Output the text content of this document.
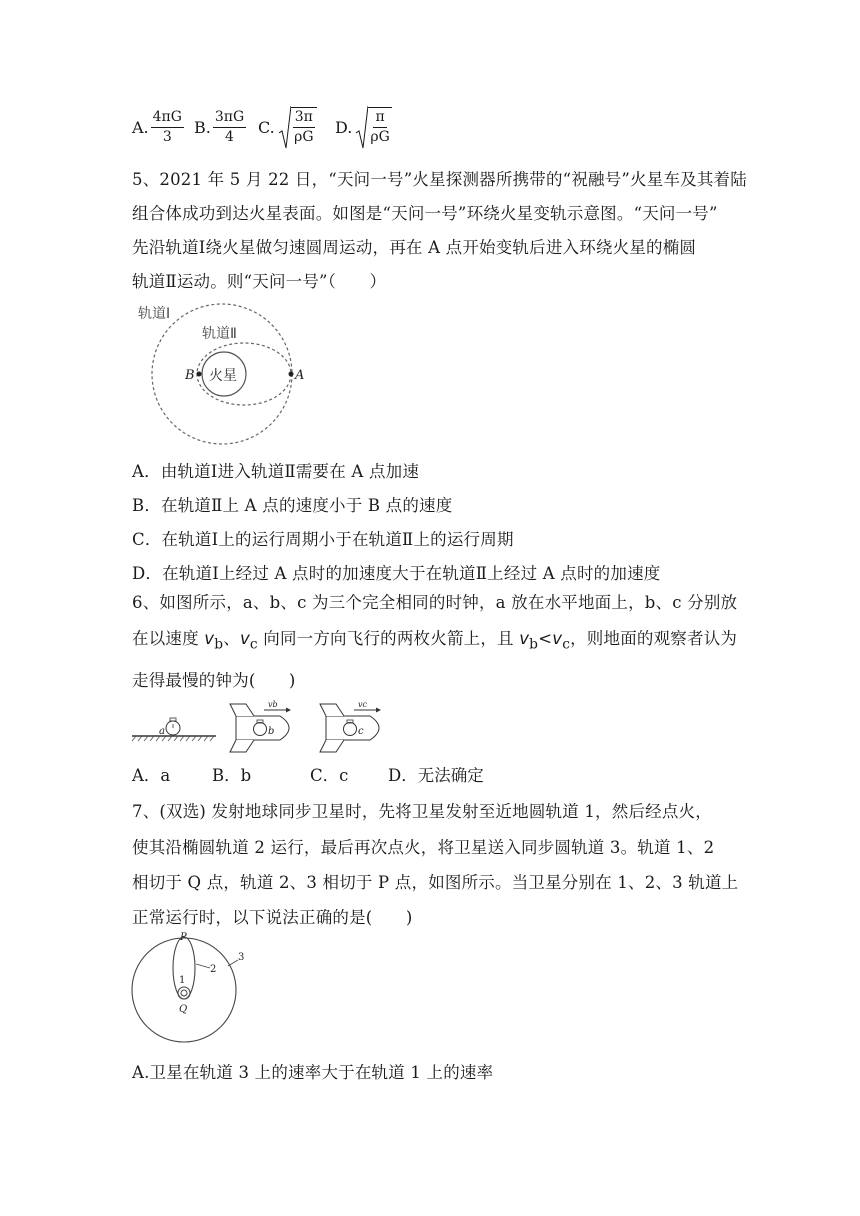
A. $\frac{4\pi G}{3} B$. $\frac{3\pi G}{4} C$. $\frac{3\pi}{\rho G} D$. $\frac{\pi}{\rho G}$
5、2021 年 5 月 22 日，“天问一号”火星探测器所携带的“祝融号”火星车及其着陆
组合体成功到达火星表面。如图是“天问一号”环绕火星变轨示意图。“天问一号”
先沿轨道Ⅰ绕火星做匀速圆周运动，再在 A 点开始变轨后进入环绕火星的椭圆
轨道Ⅱ运动。则“天问一号”（　　）
轨道Ⅰ
轨道Ⅱ
火星
B	A
A．由轨道Ⅰ进入轨道Ⅱ需要在 A 点加速
B．在轨道Ⅱ上 A 点的速度小于 B 点的速度
C．在轨道Ⅰ上的运行周期小于在轨道Ⅱ上的运行周期
D．在轨道Ⅰ上经过 A 点时的加速度大于在轨道Ⅱ上经过 A 点时的加速度
6、如图所示，a、b、c 为三个完全相同的时钟，a 放在水平地面上，b、c 分别放
在以速度 $v_b$、$v_c$ 向同一方向飞行的两枚火箭上，且 $v_b<v_c$，则地面的观察者认为
走得最慢的钟为(　　)
a	b
vb
c
vc
A．a	B．b	C．c D．无法确定
7、(双选) 发射地球同步卫星时，先将卫星发射至近地圆轨道 1，然后经点火，
使其沿椭圆轨道 2 运行，最后再次点火，将卫星送入同步圆轨道 3。轨道 1、2
相切于 Q 点，轨道 2、3 相切于 P 点，如图所示。当卫星分别在 1、2、3 轨道上
正常运行时，以下说法正确的是(　　)
P
Q
1
2
3
A.卫星在轨道 3 上的速率大于在轨道 1 上的速率
